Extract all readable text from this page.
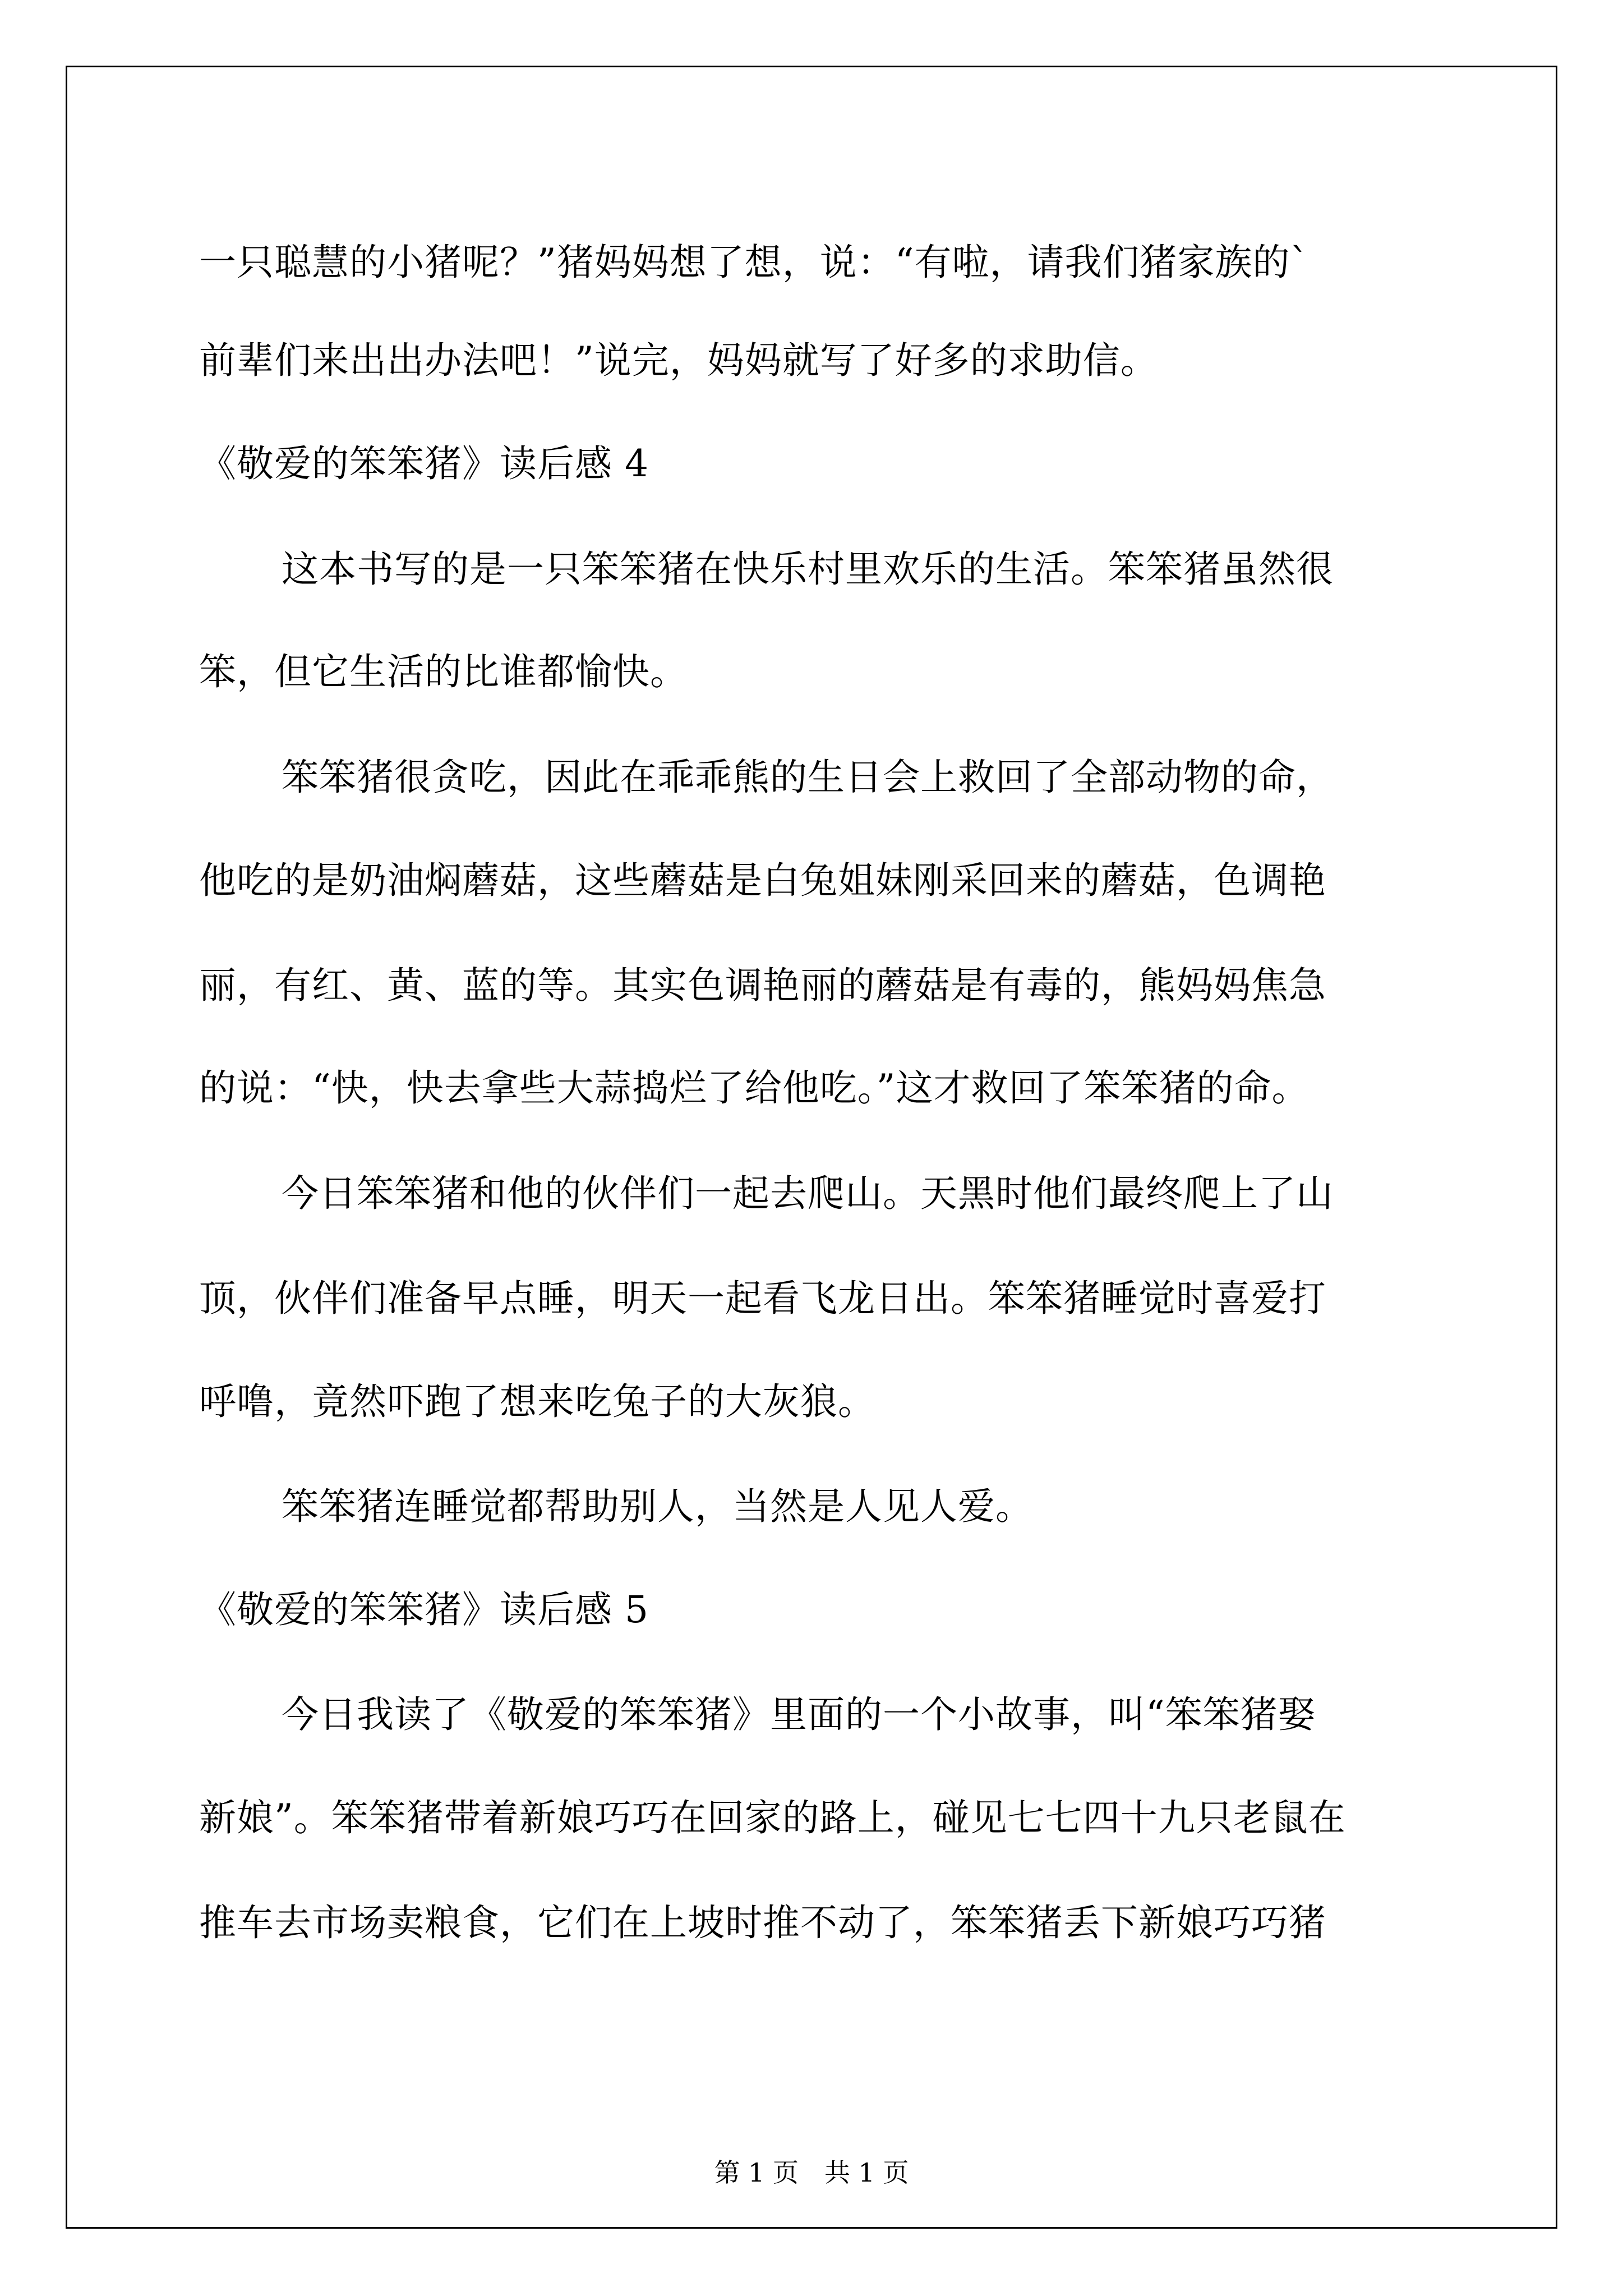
一只聪慧的小猪呢？”猪妈妈想了想，说：“有啦，请我们猪家族的`
前辈们来出出办法吧！”说完，妈妈就写了好多的求助信。
《敬爱的笨笨猪》读后感 4
这本书写的是一只笨笨猪在快乐村里欢乐的生活。笨笨猪虽然很
笨，但它生活的比谁都愉快。
笨笨猪很贪吃，因此在乖乖熊的生日会上救回了全部动物的命，
他吃的是奶油焖蘑菇，这些蘑菇是白兔姐妹刚采回来的蘑菇，色调艳
丽，有红、黄、蓝的等。其实色调艳丽的蘑菇是有毒的，熊妈妈焦急
的说：“快，快去拿些大蒜捣烂了给他吃。”这才救回了笨笨猪的命。
今日笨笨猪和他的伙伴们一起去爬山。天黑时他们最终爬上了山
顶，伙伴们准备早点睡，明天一起看飞龙日出。笨笨猪睡觉时喜爱打
呼噜，竟然吓跑了想来吃兔子的大灰狼。
笨笨猪连睡觉都帮助别人，当然是人见人爱。
《敬爱的笨笨猪》读后感 5
今日我读了《敬爱的笨笨猪》里面的一个小故事，叫“笨笨猪娶
新娘”。笨笨猪带着新娘巧巧在回家的路上，碰见七七四十九只老鼠在
推车去市场卖粮食，它们在上坡时推不动了，笨笨猪丢下新娘巧巧猪
第 1 页　共 1 页
